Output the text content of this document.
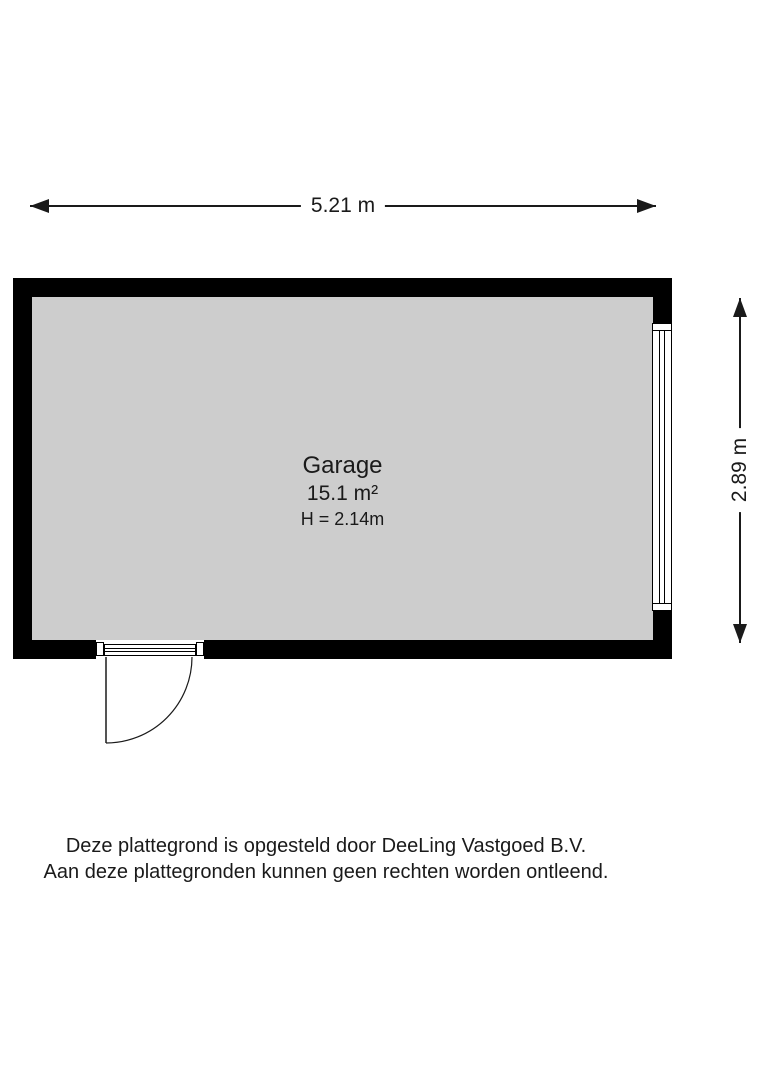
5.21 m
Garage
15.1 m²
H = 2.14m
2.89 m
Deze plattegrond is opgesteld door DeeLing Vastgoed B.V.
Aan deze plattegronden kunnen geen rechten worden ontleend.
